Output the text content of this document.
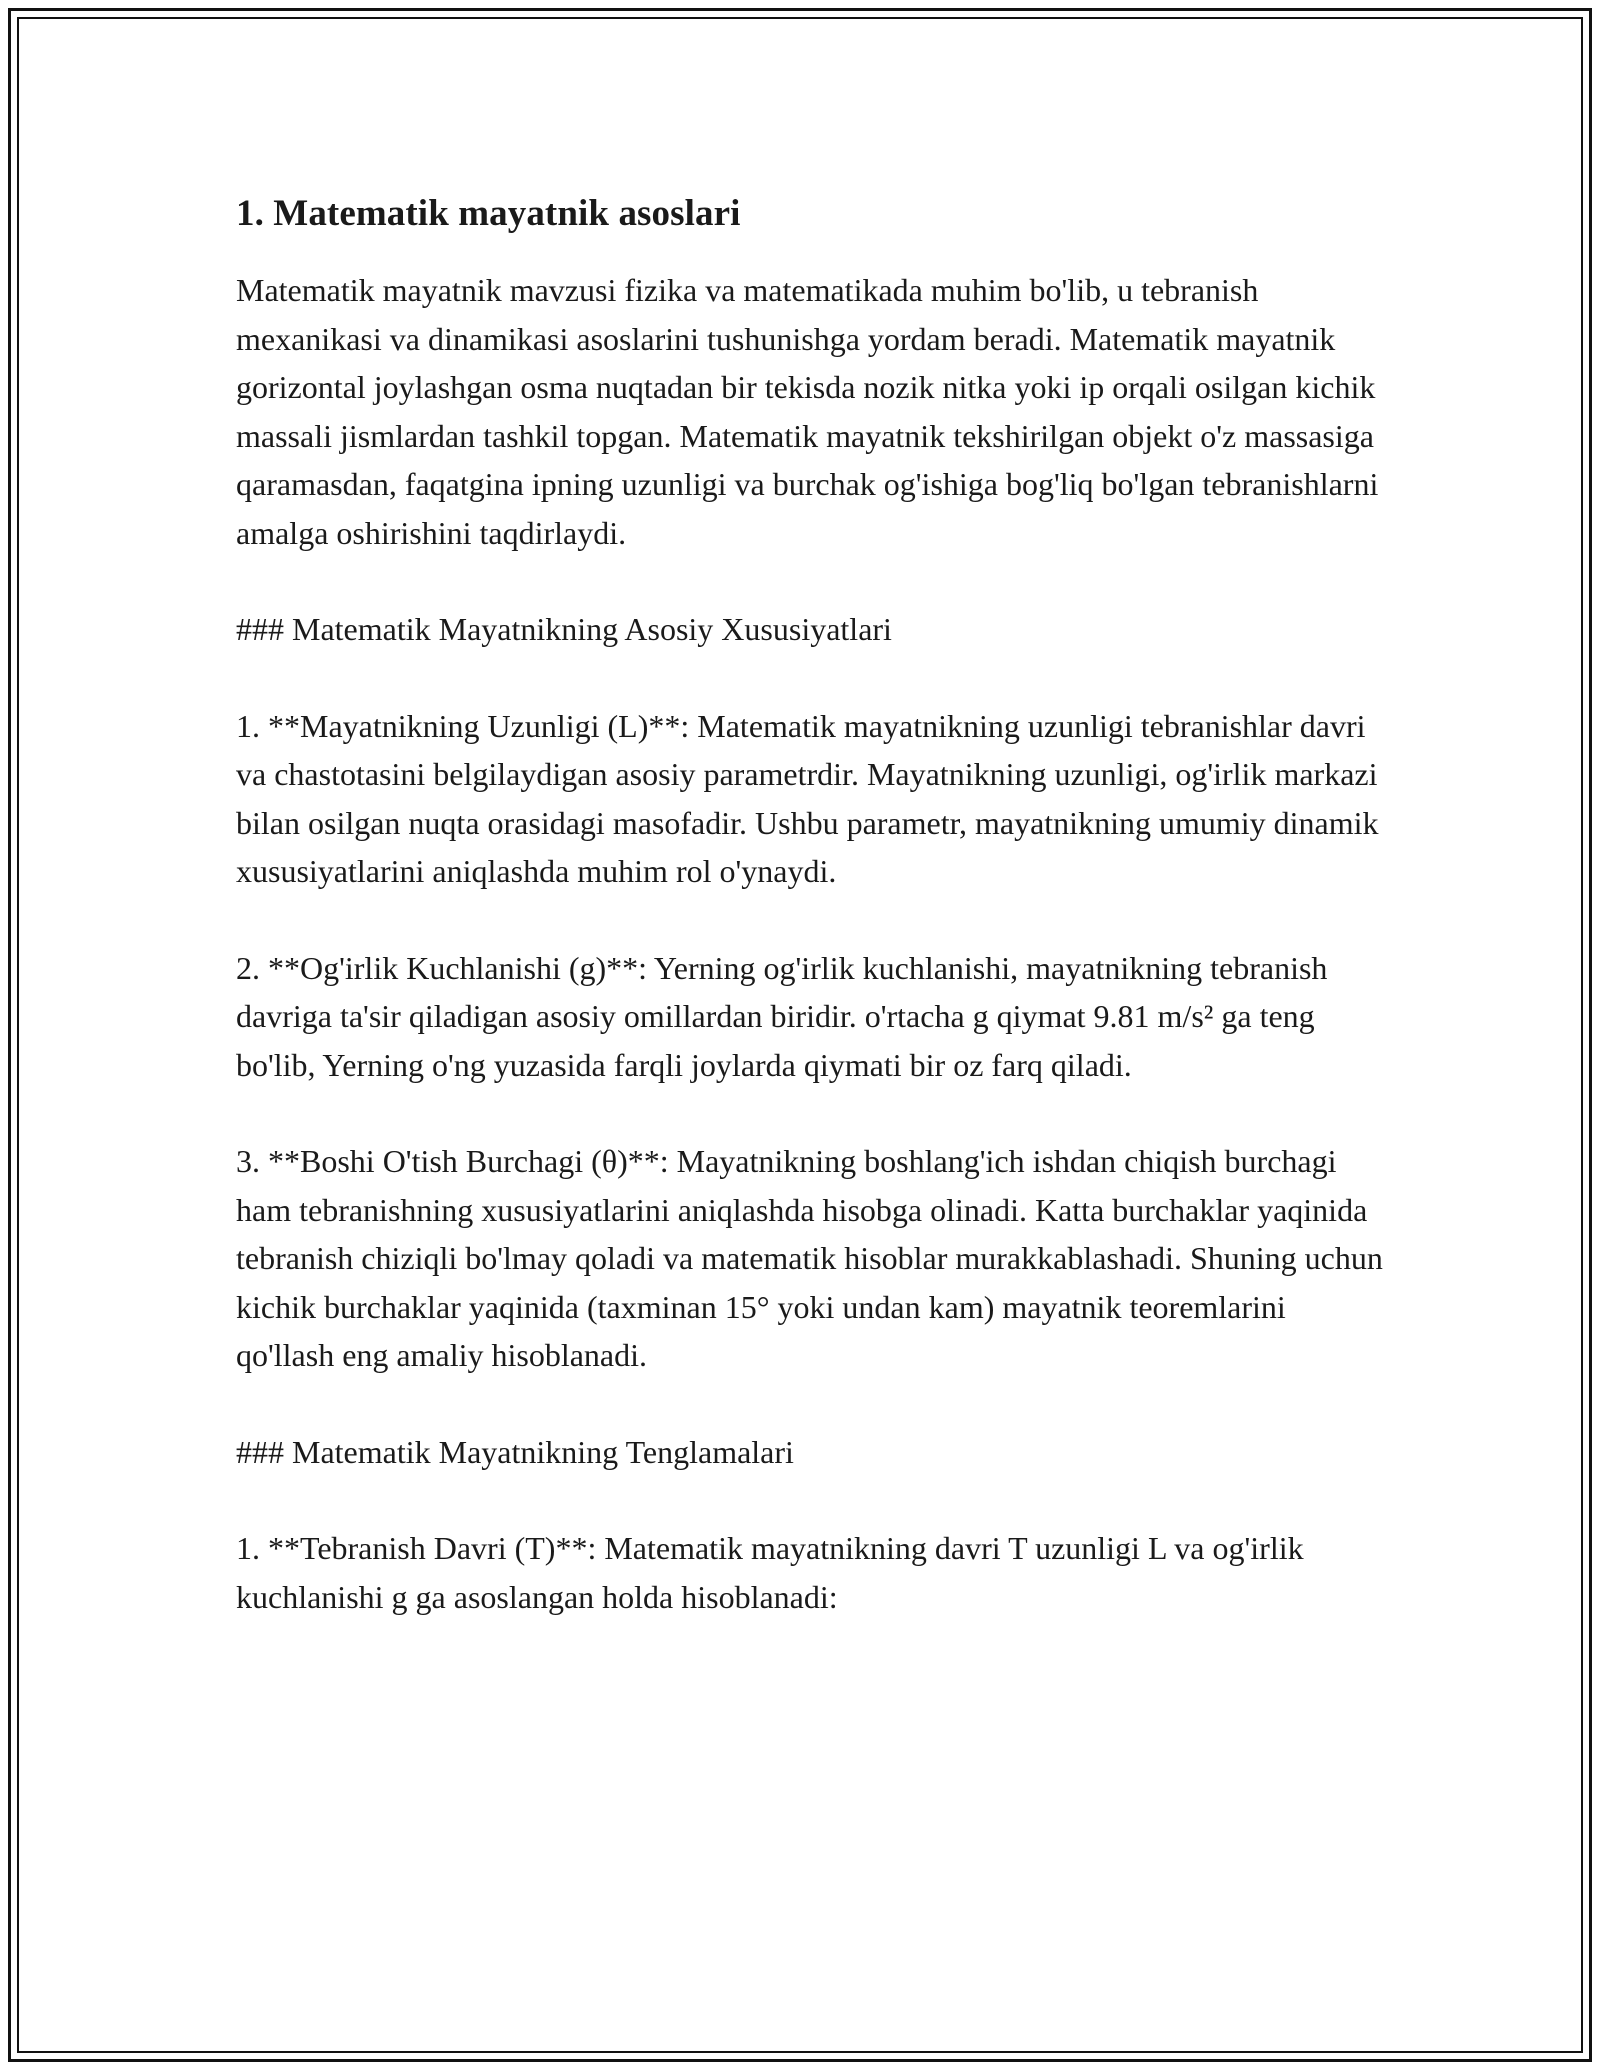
1. Matematik mayatnik asoslari

Matematik mayatnik mavzusi fizika va matematikada muhim bo'lib, u tebranish mexanikasi va dinamikasi asoslarini tushunishga yordam beradi. Matematik mayatnik gorizontal joylashgan osma nuqtadan bir tekisda nozik nitka yoki ip orqali osilgan kichik massali jismlardan tashkil topgan. Matematik mayatnik tekshirilgan objekt o'z massasiga qaramasdan, faqatgina ipning uzunligi va burchak og'ishiga bog'liq bo'lgan tebranishlarni amalga oshirishini taqdirlaydi.

### Matematik Mayatnikning Asosiy Xususiyatlari

1. **Mayatnikning Uzunligi (L)**: Matematik mayatnikning uzunligi tebranishlar davri va chastotasini belgilaydigan asosiy parametrdir. Mayatnikning uzunligi, og'irlik markazi bilan osilgan nuqta orasidagi masofadir. Ushbu parametr, mayatnikning umumiy dinamik xususiyatlarini aniqlashda muhim rol o'ynaydi.

2. **Og'irlik Kuchlanishi (g)**: Yerning og'irlik kuchlanishi, mayatnikning tebranish davriga ta'sir qiladigan asosiy omillardan biridir. o'rtacha g qiymat 9.81 m/s² ga teng bo'lib, Yerning o'ng yuzasida farqli joylarda qiymati bir oz farq qiladi.

3. **Boshi O'tish Burchagi (θ)**: Mayatnikning boshlang'ich ishdan chiqish burchagi ham tebranishning xususiyatlarini aniqlashda hisobga olinadi. Katta burchaklar yaqinida tebranish chiziqli bo'lmay qoladi va matematik hisoblar murakkablashadi. Shuning uchun kichik burchaklar yaqinida (taxminan 15° yoki undan kam) mayatnik teoremlarini qo'llash eng amaliy hisoblanadi.

### Matematik Mayatnikning Tenglamalari

1. **Tebranish Davri (T)**: Matematik mayatnikning davri T uzunligi L va og'irlik kuchlanishi g ga asoslangan holda hisoblanadi:
